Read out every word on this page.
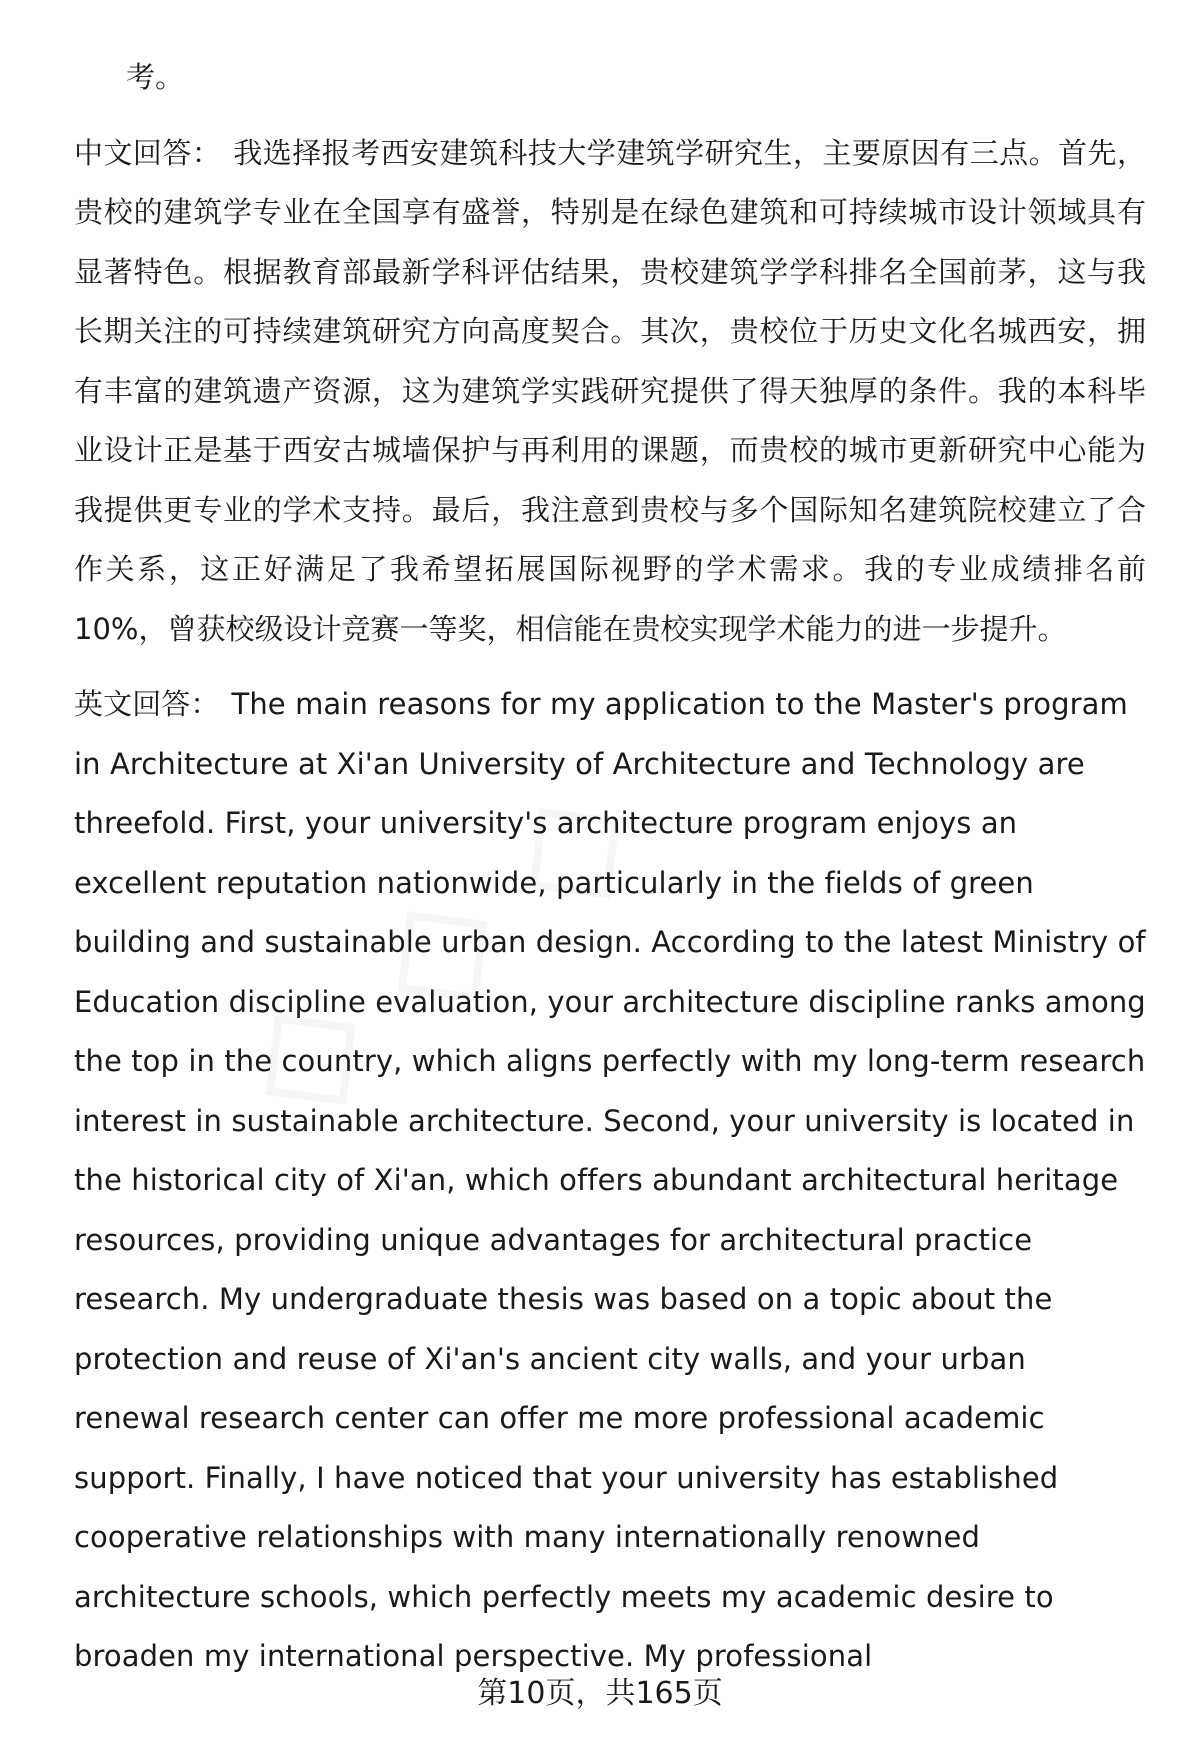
考。

中文回答： 我选择报考西安建筑科技大学建筑学研究生，主要原因有三点。首先，贵校的建筑学专业在全国享有盛誉，特别是在绿色建筑和可持续城市设计领域具有显著特色。根据教育部最新学科评估结果，贵校建筑学学科排名全国前茅，这与我长期关注的可持续建筑研究方向高度契合。其次，贵校位于历史文化名城西安，拥有丰富的建筑遗产资源，这为建筑学实践研究提供了得天独厚的条件。我的本科毕业设计正是基于西安古城墙保护与再利用的课题，而贵校的城市更新研究中心能为我提供更专业的学术支持。最后，我注意到贵校与多个国际知名建筑院校建立了合作关系，这正好满足了我希望拓展国际视野的学术需求。我的专业成绩排名前10%，曾获校级设计竞赛一等奖，相信能在贵校实现学术能力的进一步提升。

英文回答： The main reasons for my application to the Master's program in Architecture at Xi'an University of Architecture and Technology are threefold. First, your university's architecture program enjoys an excellent reputation nationwide, particularly in the fields of green building and sustainable urban design. According to the latest Ministry of Education discipline evaluation, your architecture discipline ranks among the top in the country, which aligns perfectly with my long-term research interest in sustainable architecture. Second, your university is located in the historical city of Xi'an, which offers abundant architectural heritage resources, providing unique advantages for architectural practice research. My undergraduate thesis was based on a topic about the protection and reuse of Xi'an's ancient city walls, and your urban renewal research center can offer me more professional academic support. Finally, I have noticed that your university has established cooperative relationships with many internationally renowned architecture schools, which perfectly meets my academic desire to broaden my international perspective. My professional

第10页，共165页
